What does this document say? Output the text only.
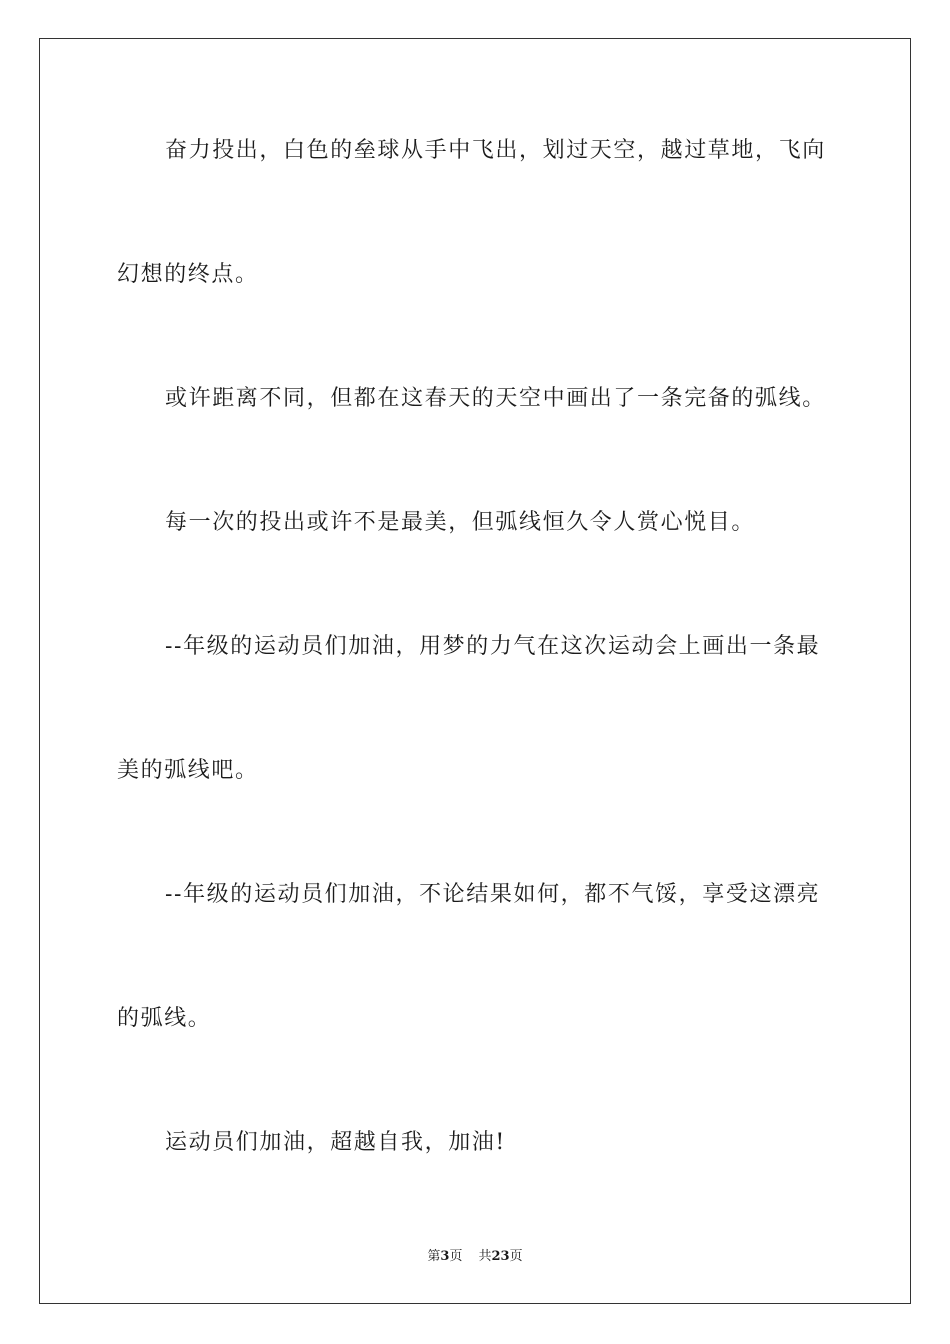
奋力投出，白色的垒球从手中飞出，划过天空，越过草地，飞向
幻想的终点。
或许距离不同，但都在这春天的天空中画出了一条完备的弧线。
每一次的投出或许不是最美，但弧线恒久令人赏心悦目。
--年级的运动员们加油，用梦的力气在这次运动会上画出一条最
美的弧线吧。
--年级的运动员们加油，不论结果如何，都不气馁，享受这漂亮
的弧线。
运动员们加油，超越自我，加油!
第3页 共23页
